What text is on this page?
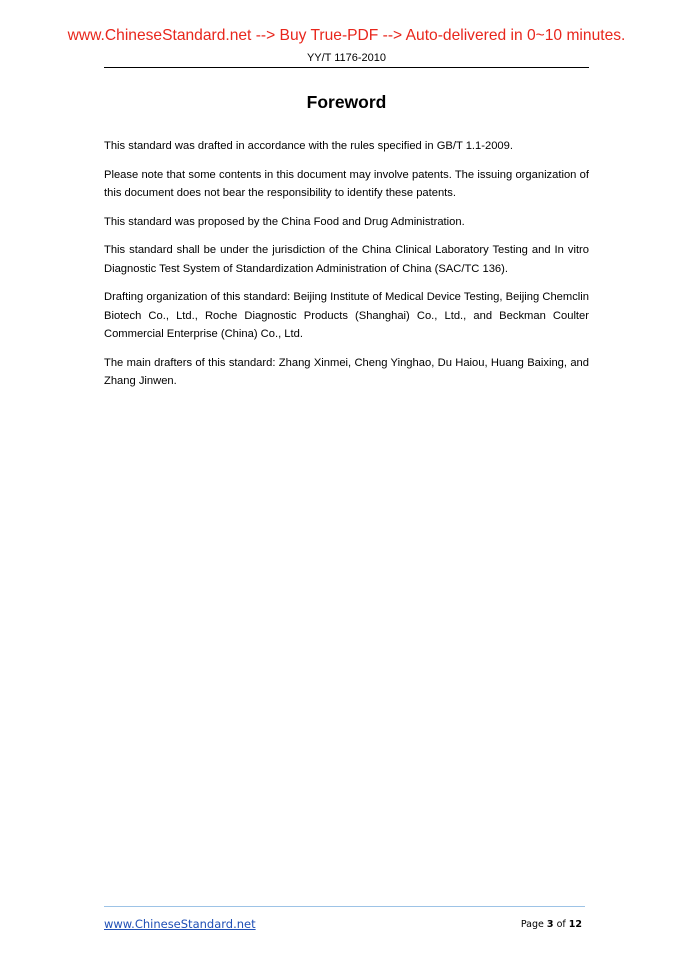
www.ChineseStandard.net --> Buy True-PDF --> Auto-delivered in 0~10 minutes.
YY/T 1176-2010
Foreword

This standard was drafted in accordance with the rules specified in GB/T 1.1-2009.

Please note that some contents in this document may involve patents. The issuing organization of this document does not bear the responsibility to identify these patents.

This standard was proposed by the China Food and Drug Administration.

This standard shall be under the jurisdiction of the China Clinical Laboratory Testing and In vitro Diagnostic Test System of Standardization Administration of China (SAC/TC 136).

Drafting organization of this standard: Beijing Institute of Medical Device Testing, Beijing Chemclin Biotech Co., Ltd., Roche Diagnostic Products (Shanghai) Co., Ltd., and Beckman Coulter Commercial Enterprise (China) Co., Ltd.

The main drafters of this standard: Zhang Xinmei, Cheng Yinghao, Du Haiou, Huang Baixing, and Zhang Jinwen.

www.ChineseStandard.net	Page 3 of 12
